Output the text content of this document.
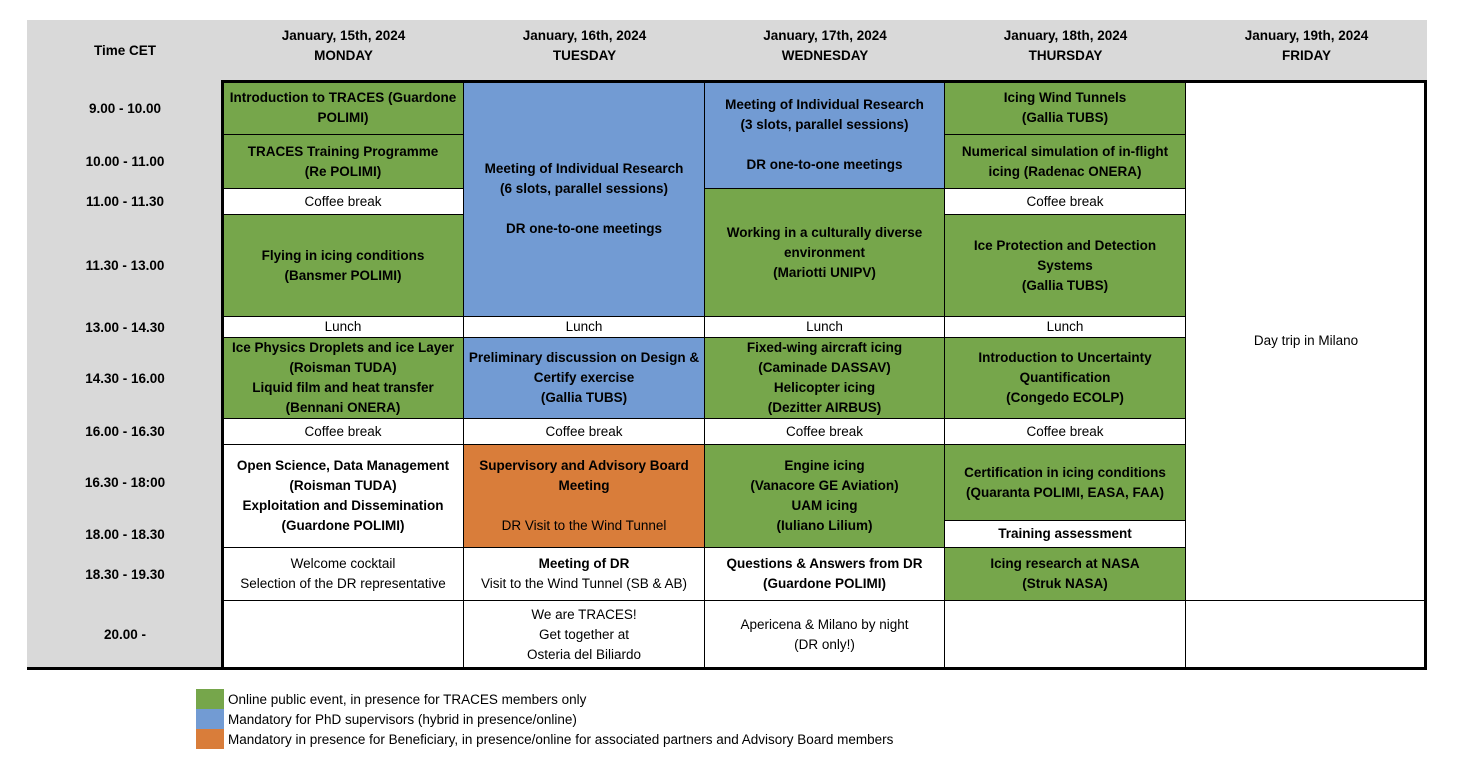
Time CET
January, 15th, 2024
MONDAY
January, 16th, 2024
TUESDAY
January, 17th, 2024
WEDNESDAY
January, 18th, 2024
THURSDAY
January, 19th, 2024
FRIDAY
9.00 - 10.00
10.00 - 11.00
11.00 - 11.30
11.30 - 13.00
13.00 - 14.30
14.30 - 16.00
16.00 - 16.30
16.30 - 18:00
18.00 - 18.30
18.30 - 19.30
20.00 -
Introduction to TRACES (Guardone
POLIMI)
TRACES Training Programme
(Re POLIMI)
Coffee break
Flying in icing conditions
(Bansmer POLIMI)
Lunch
Ice Physics Droplets and ice Layer
(Roisman TUDA)
Liquid film and heat transfer
(Bennani ONERA)
Coffee break
Open Science, Data Management
(Roisman TUDA)
Exploitation and Dissemination
(Guardone POLIMI)
Welcome cocktail
Selection of the DR representative

Meeting of Individual Research
(6 slots, parallel sessions)

DR one-to-one meetings
Lunch
Preliminary discussion on Design &
Certify exercise
(Gallia TUBS)
Coffee break
Supervisory and Advisory Board
Meeting

DR Visit to the Wind Tunnel
Meeting of DR
Visit to the Wind Tunnel (SB & AB)
We are TRACES!
Get together at
Osteria del Biliardo
Meeting of Individual Research
(3 slots, parallel sessions)

DR one-to-one meetings
Working in a culturally diverse
environment
(Mariotti UNIPV)
Lunch
Fixed-wing aircraft icing
(Caminade DASSAV)
Helicopter icing
(Dezitter AIRBUS)
Coffee break
Engine icing
(Vanacore GE Aviation)
UAM icing
(Iuliano Lilium)
Questions & Answers from DR
(Guardone POLIMI)
Apericena & Milano by night
(DR only!)
Icing Wind Tunnels
(Gallia TUBS)
Numerical simulation of in-flight
icing (Radenac ONERA)
Coffee break
Ice Protection and Detection
Systems
(Gallia TUBS)
Lunch
Introduction to Uncertainty
Quantification
(Congedo ECOLP)
Coffee break
Certification in icing conditions
(Quaranta POLIMI, EASA, FAA)
Training assessment
Icing research at NASA
(Struk NASA)

Day trip in Milano

Online public event, in presence for TRACES members only
Mandatory for PhD supervisors (hybrid in presence/online)
Mandatory in presence for Beneficiary, in presence/online for associated partners and Advisory Board members
